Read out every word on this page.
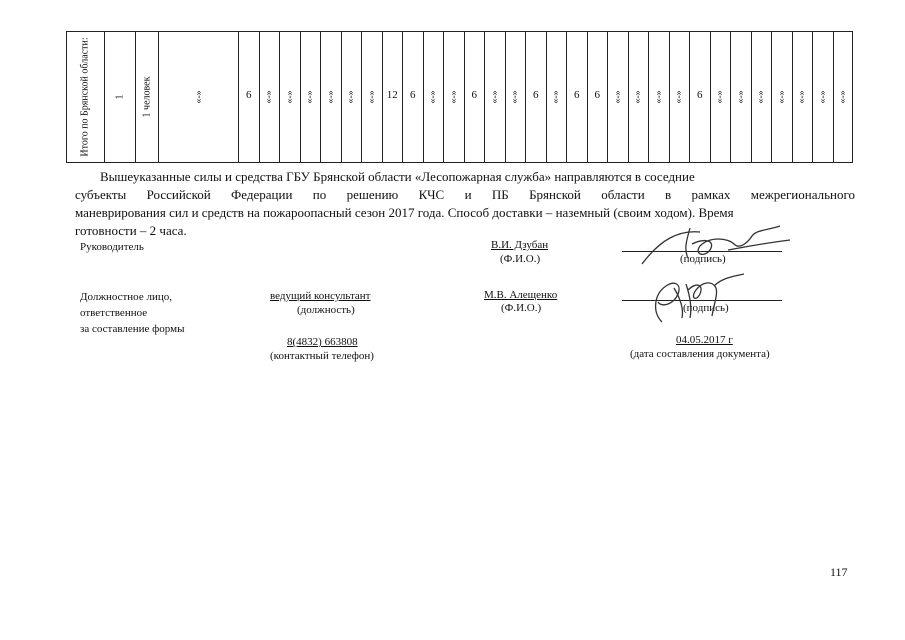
Итого по Брянской области: 1 1 человек	«-»	6	«-» «-» «-» «-» «-» «-» 12	6	«-» «-»	6	«-» «-»	6	«-»	6	6	«-» «-» «-» «-»	6	«-» «-» «-» «-» «-» «-» «-»
Вышеуказанные силы и средства ГБУ Брянской области «Лесопожарная служба» направляются в соседние
субъекты Российской Федерации по решению КЧС и ПБ Брянской области в рамках межрегионального
маневрирования сил и средств на пожароопасный сезон 2017 года. Способ доставки – наземный (своим ходом). Время
готовности – 2 часа.
Руководитель	В.И. Дзубан
(Ф.И.О.)	(подпись)
Должностное лицо,
ответственное
за составление формы
ведущий консультант
(должность)
М.В. Алещенко
(Ф.И.О.)	(подпись)
8(4832) 663808
(контактный телефон)
04.05.2017 г
(дата составления документа)
117
